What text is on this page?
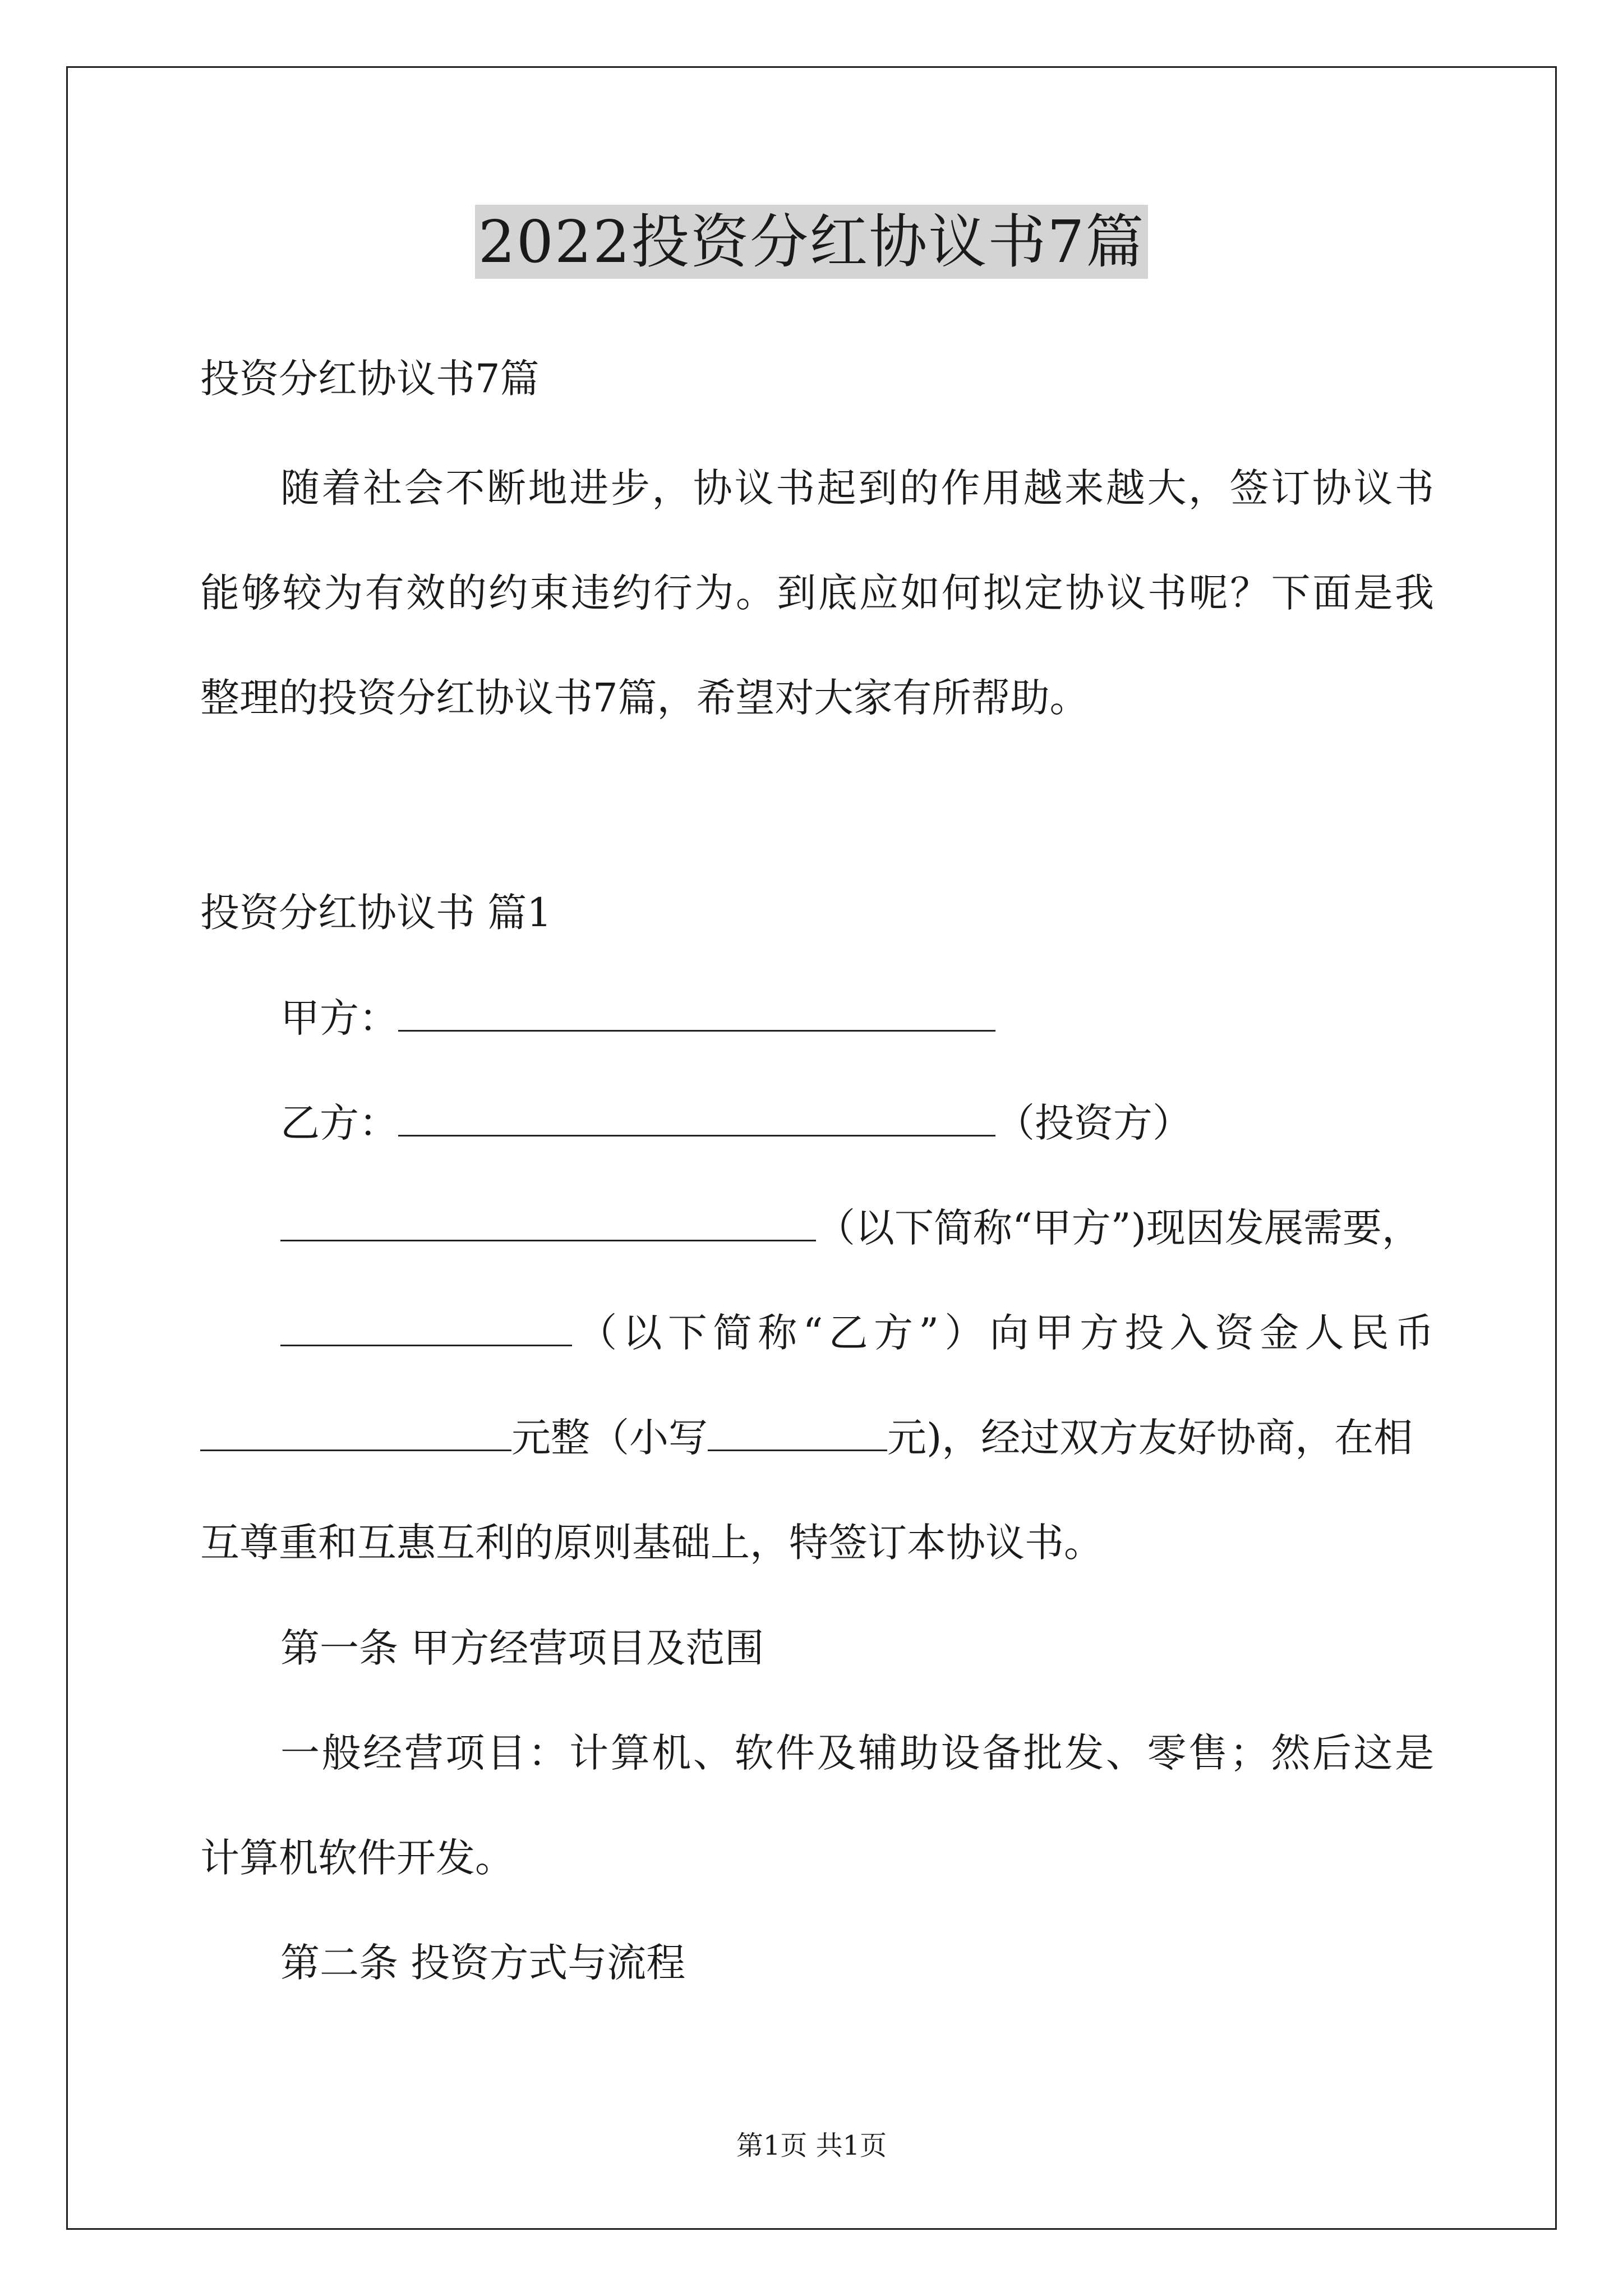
2022投资分红协议书7篇
投资分红协议书7篇
随着社会不断地进步，协议书起到的作用越来越大，签订协议书
能够较为有效的约束违约行为。到底应如何拟定协议书呢？下面是我
整理的投资分红协议书7篇，希望对大家有所帮助。
投资分红协议书 篇1
甲方：
乙方：	（投资方）
（以下简称“甲方”)现因发展需要，
（以下简称“乙方”）向甲方投入资金人民币
元整（小写	元)，经过双方友好协商，在相
互尊重和互惠互利的原则基础上，特签订本协议书。
第一条 甲方经营项目及范围
一般经营项目：计算机、软件及辅助设备批发、零售；然后这是
计算机软件开发。
第二条 投资方式与流程
第1页 共1页
